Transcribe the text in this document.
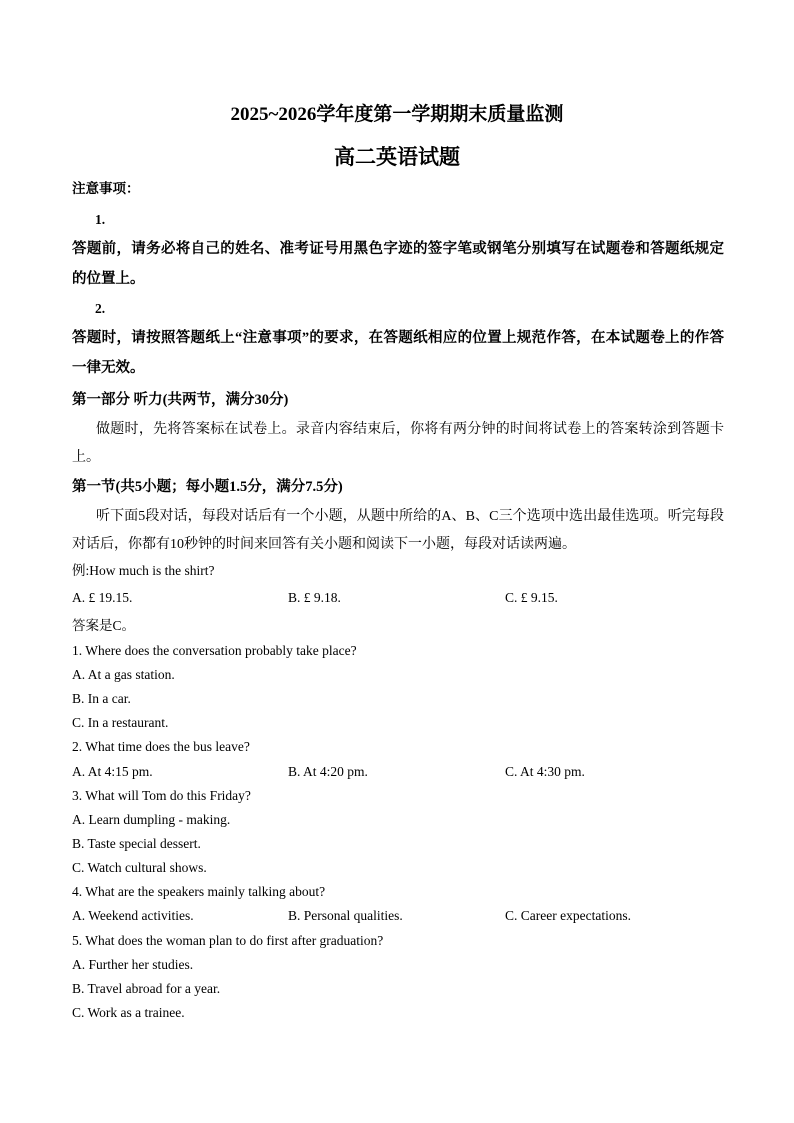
2025~2026学年度第一学期期末质量监测
高二英语试题
注意事项：
1.
答题前，请务必将自己的姓名、准考证号用黑色字迹的签字笔或钢笔分别填写在试题卷和答题纸规定的位置上。
2.
答题时，请按照答题纸上“注意事项”的要求，在答题纸相应的位置上规范作答，在本试题卷上的作答一律无效。
第一部分 听力(共两节，满分30分)
做题时，先将答案标在试卷上。录音内容结束后，你将有两分钟的时间将试卷上的答案转涂到答题卡上。
第一节(共5小题；每小题1.5分，满分7.5分)
听下面5段对话，每段对话后有一个小题，从题中所给的A、B、C三个选项中选出最佳选项。听完每段对话后，你都有10秒钟的时间来回答有关小题和阅读下一小题，每段对话读两遍。
例:How much is the shirt?
A. £ 19.15.	B. £ 9.18.	C. £ 9.15.
答案是C。
1. Where does the conversation probably take place?
A. At a gas station.
B. In a car.
C. In a restaurant.
2. What time does the bus leave?
A. At 4:15 pm.	B. At 4:20 pm.	C. At 4:30 pm.
3. What will Tom do this Friday?
A. Learn dumpling - making.
B. Taste special dessert.
C. Watch cultural shows.
4. What are the speakers mainly talking about?
A. Weekend activities.	B. Personal qualities.	C. Career expectations.
5. What does the woman plan to do first after graduation?
A. Further her studies.
B. Travel abroad for a year.
C. Work as a trainee.
